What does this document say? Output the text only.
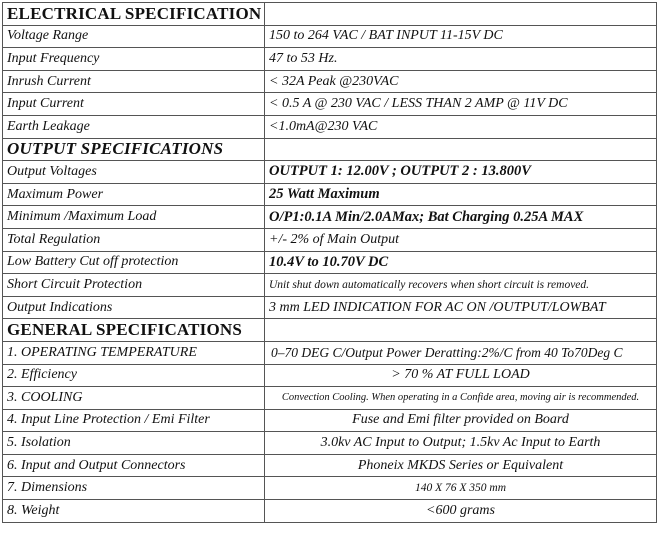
ELECTRICAL SPECIFICATION	
Voltage Range	150 to 264 VAC / BAT INPUT 11-15V DC
Input Frequency	47 to 53 Hz.
Inrush Current	< 32A Peak @230VAC
Input Current	< 0.5 A @ 230 VAC / LESS THAN 2 AMP @ 11V DC
Earth Leakage	<1.0mA@230 VAC
OUTPUT SPECIFICATIONS	
Output Voltages	OUTPUT 1: 12.00V ; OUTPUT 2 : 13.800V
Maximum Power	25 Watt Maximum
Minimum /Maximum Load	O/P1:0.1A Min/2.0AMax; Bat Charging 0.25A MAX
Total Regulation	+/- 2% of Main Output
Low Battery Cut off protection	10.4V to 10.70V DC
Short Circuit Protection	Unit shut down automatically recovers when short circuit is removed.
Output Indications	3 mm LED INDICATION FOR AC ON /OUTPUT/LOWBAT
GENERAL SPECIFICATIONS	
1. OPERATING TEMPERATURE	0–70 DEG C/Output Power Deratting:2%/C from 40 To70Deg C
2. Efficiency	> 70 % AT FULL LOAD
3. COOLING	Convection Cooling. When operating in a Confide area, moving air is recommended.
4. Input Line Protection / Emi Filter	Fuse and Emi filter provided on Board
5. Isolation	3.0kv AC Input to Output; 1.5kv Ac Input to Earth
6. Input and Output Connectors	Phoneix MKDS Series or Equivalent
7. Dimensions	140 X 76 X 350 mm
8. Weight	<600 grams
